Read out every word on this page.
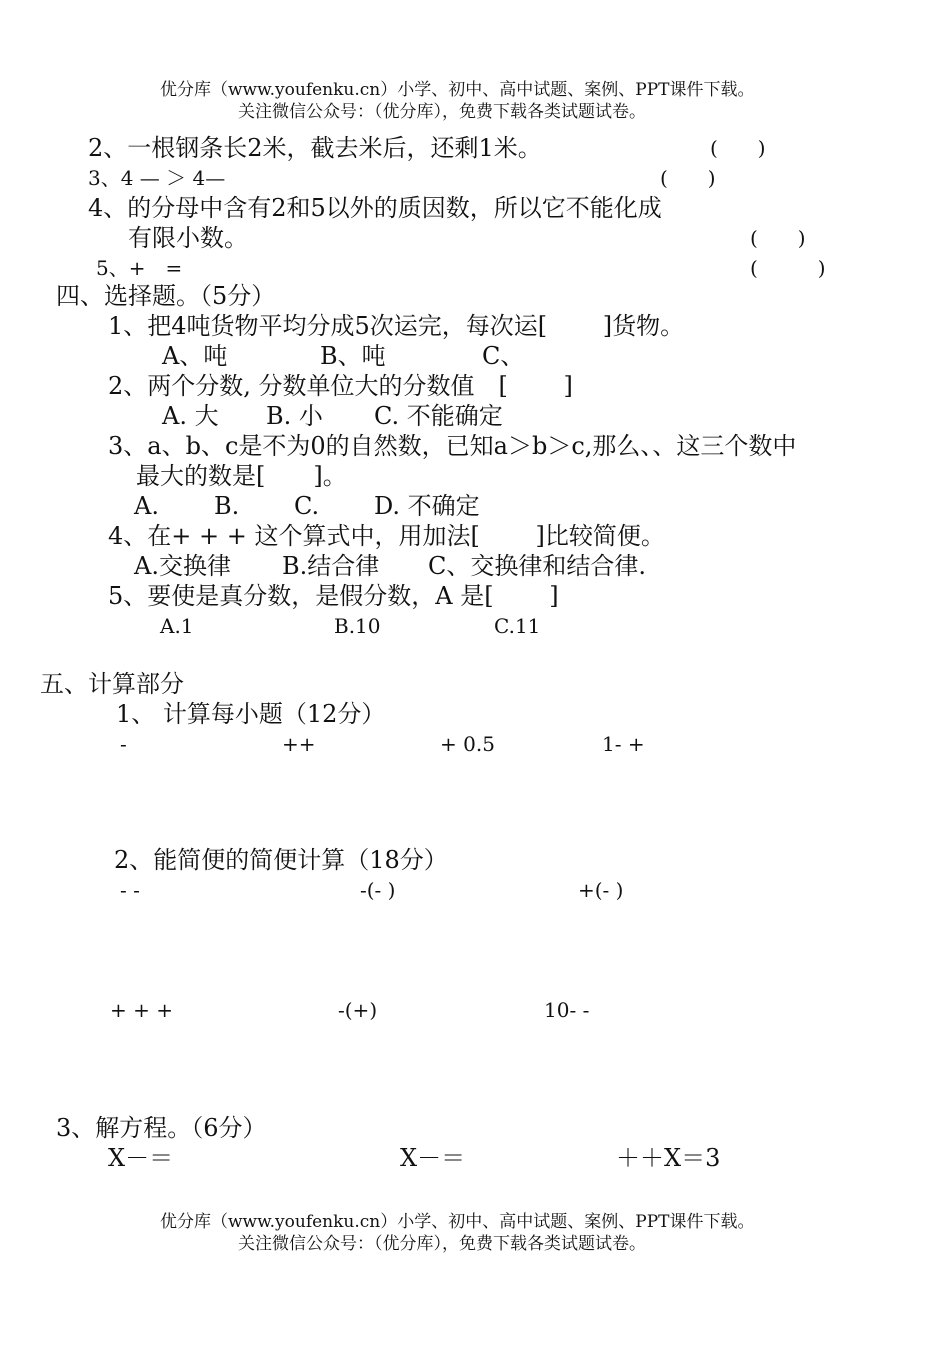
优分库（www.youfenku.cn）小学、初中、高中试题、案例、PPT课件下载。
关注微信公众号：（优分库），免费下载各类试题试卷。
2、一根钢条长2米，截去米后，还剩1米。	(　　)
3、4 — ＞ 4—	(　　)
4、的分母中含有2和5以外的质因数，所以它不能化成
有限小数。	(　　)
5、+　=	(　　　)
四、选择题。（5分）
1、把4吨货物平均分成5次运完，每次运[　　 ]货物。
A、吨	B、吨	C、
2、两个分数, 分数单位大的分数值　[　　 ]
A. 大 B. 小 C. 不能确定
3、a、b、c是不为0的自然数，已知a＞b＞c,那么、、这三个数中
最大的数是[　　]。
A. B. C. D. 不确定
4、在+ + + 这个算式中，用加法[　　 ]比较简便。
A.交换律 B.结合律 C、交换律和结合律.
5、要使是真分数，是假分数，A 是[　　 ]
A.1	B.10	C.11
五、计算部分
1、 计算每小题（12分）
-	++	+ 0.5	1- +
2、能简便的简便计算（18分）
- -	-(- )	+(- )
+ + +	-(+)	10- -
3、解方程。（6分）
X－＝	X－＝	＋＋X＝3
优分库（www.youfenku.cn）小学、初中、高中试题、案例、PPT课件下载。
关注微信公众号：（优分库），免费下载各类试题试卷。
